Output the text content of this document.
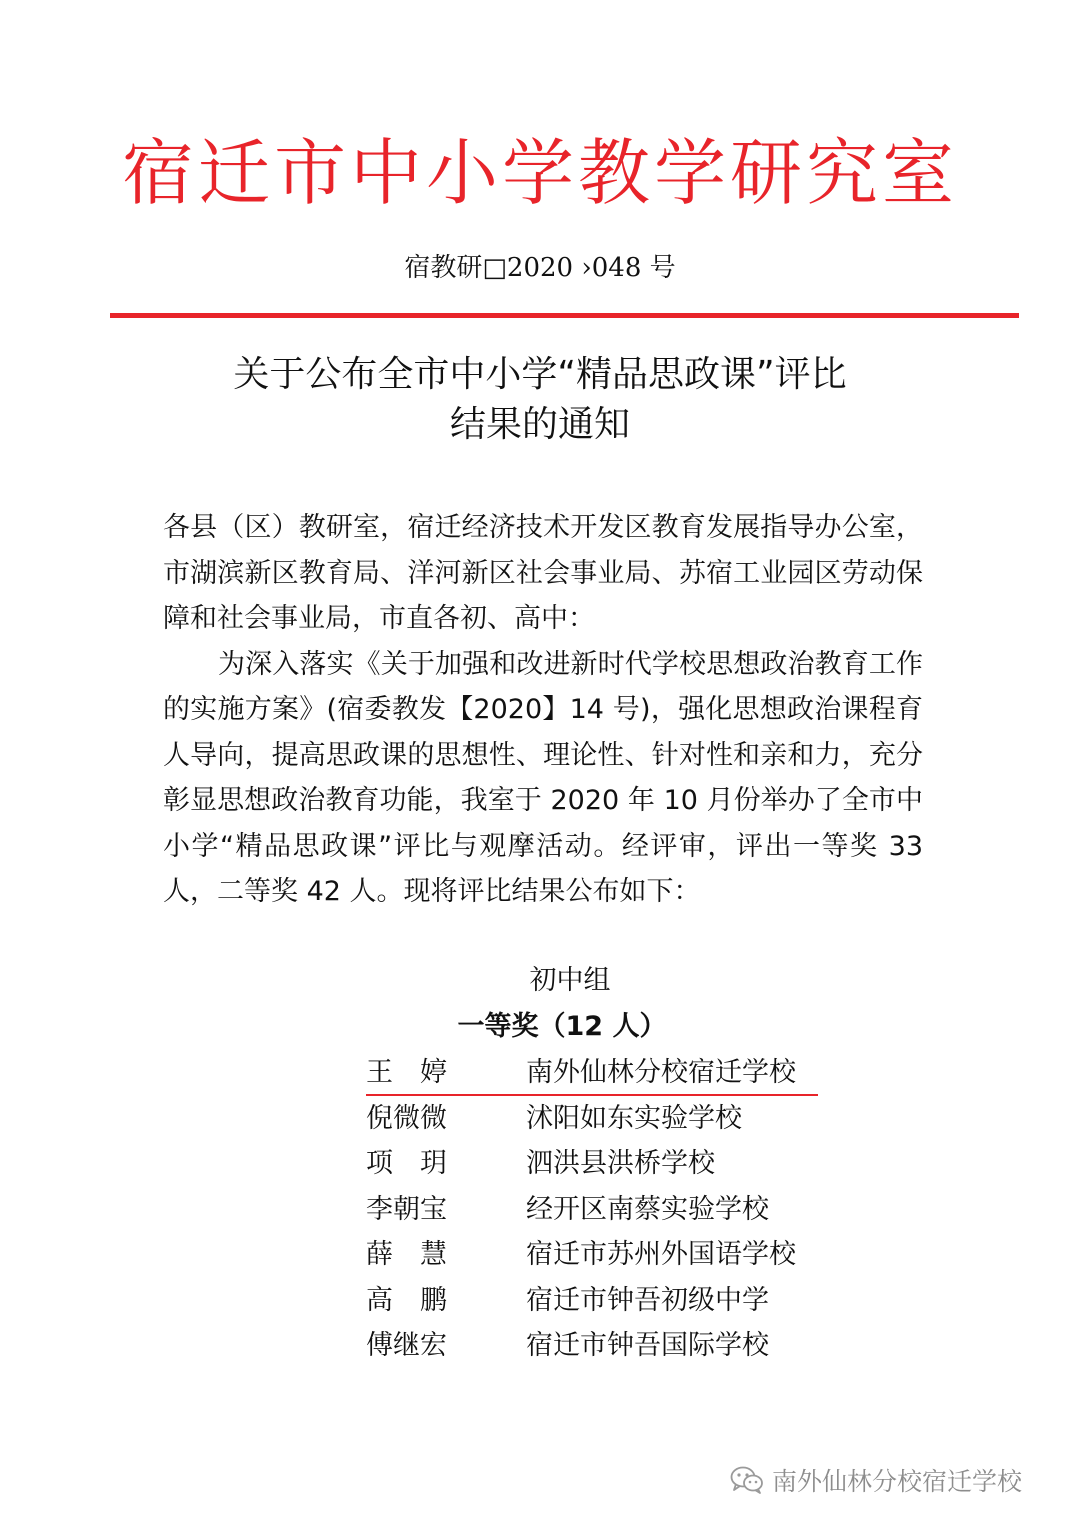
宿迁市中小学教学研究室
宿教研□2020 ›048 号
关于公布全市中小学“精品思政课”评比
结果的通知

各县（区）教研室，宿迁经济技术开发区教育发展指导办公室，市湖滨新区教育局、洋河新区社会事业局、苏宿工业园区劳动保障和社会事业局，市直各初、高中：

为深入落实《关于加强和改进新时代学校思想政治教育工作的实施方案》(宿委教发【2020】14 号)，强化思想政治课程育人导向，提高思政课的思想性、理论性、针对性和亲和力，充分彰显思想政治教育功能，我室于 2020 年 10 月份举办了全市中小学“精品思政课”评比与观摩活动。经评审，评出一等奖 33 人，二等奖 42 人。现将评比结果公布如下：

初中组
一等奖（12 人）
王　婷	南外仙林分校宿迁学校
倪微微	沭阳如东实验学校
项　玥	泗洪县洪桥学校
李朝宝	经开区南蔡实验学校
薛　慧	宿迁市苏州外国语学校
高　鹏	宿迁市钟吾初级中学
傅继宏	宿迁市钟吾国际学校
南外仙林分校宿迁学校
